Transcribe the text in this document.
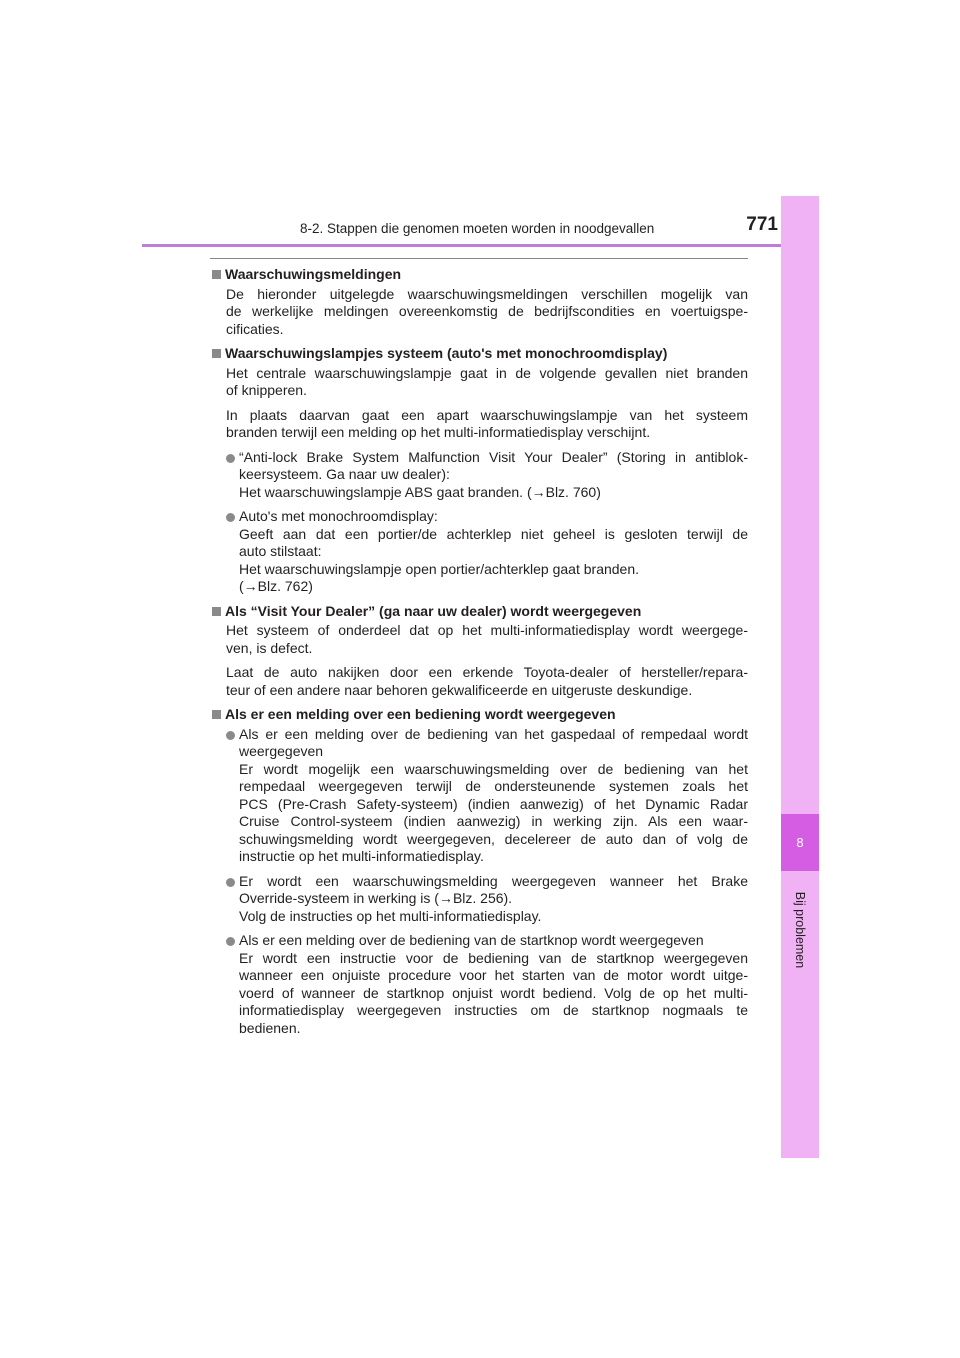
8-2. Stappen die genomen moeten worden in noodgevallen	771
8
Bij problemen
Waarschuwingsmeldingen
De hieronder uitgelegde waarschuwingsmeldingen verschillen mogelijk van
de werkelijke meldingen overeenkomstig de bedrijfscondities en voertuigspe-
cificaties.
Waarschuwingslampjes systeem (auto's met monochroomdisplay)
Het centrale waarschuwingslampje gaat in de volgende gevallen niet branden
of knipperen.
In plaats daarvan gaat een apart waarschuwingslampje van het systeem
branden terwijl een melding op het multi-informatiedisplay verschijnt.
“Anti-lock Brake System Malfunction Visit Your Dealer” (Storing in antiblok-
keersysteem. Ga naar uw dealer):
Het waarschuwingslampje ABS gaat branden. (→Blz. 760)
Auto's met monochroomdisplay:
Geeft aan dat een portier/de achterklep niet geheel is gesloten terwijl de
auto stilstaat:
Het waarschuwingslampje open portier/achterklep gaat branden.
(→Blz. 762)
Als “Visit Your Dealer” (ga naar uw dealer) wordt weergegeven
Het systeem of onderdeel dat op het multi-informatiedisplay wordt weergege-
ven, is defect.
Laat de auto nakijken door een erkende Toyota-dealer of hersteller/repara-
teur of een andere naar behoren gekwalificeerde en uitgeruste deskundige.
Als er een melding over een bediening wordt weergegeven
Als er een melding over de bediening van het gaspedaal of rempedaal wordt
weergegeven
Er wordt mogelijk een waarschuwingsmelding over de bediening van het
rempedaal weergegeven terwijl de ondersteunende systemen zoals het
PCS (Pre-Crash Safety-systeem) (indien aanwezig) of het Dynamic Radar
Cruise Control-systeem (indien aanwezig) in werking zijn. Als een waar-
schuwingsmelding wordt weergegeven, decelereer de auto dan of volg de
instructie op het multi-informatiedisplay.
Er wordt een waarschuwingsmelding weergegeven wanneer het Brake
Override-systeem in werking is (→Blz. 256).
Volg de instructies op het multi-informatiedisplay.
Als er een melding over de bediening van de startknop wordt weergegeven
Er wordt een instructie voor de bediening van de startknop weergegeven
wanneer een onjuiste procedure voor het starten van de motor wordt uitge-
voerd of wanneer de startknop onjuist wordt bediend. Volg de op het multi-
informatiedisplay weergegeven instructies om de startknop nogmaals te
bedienen.
